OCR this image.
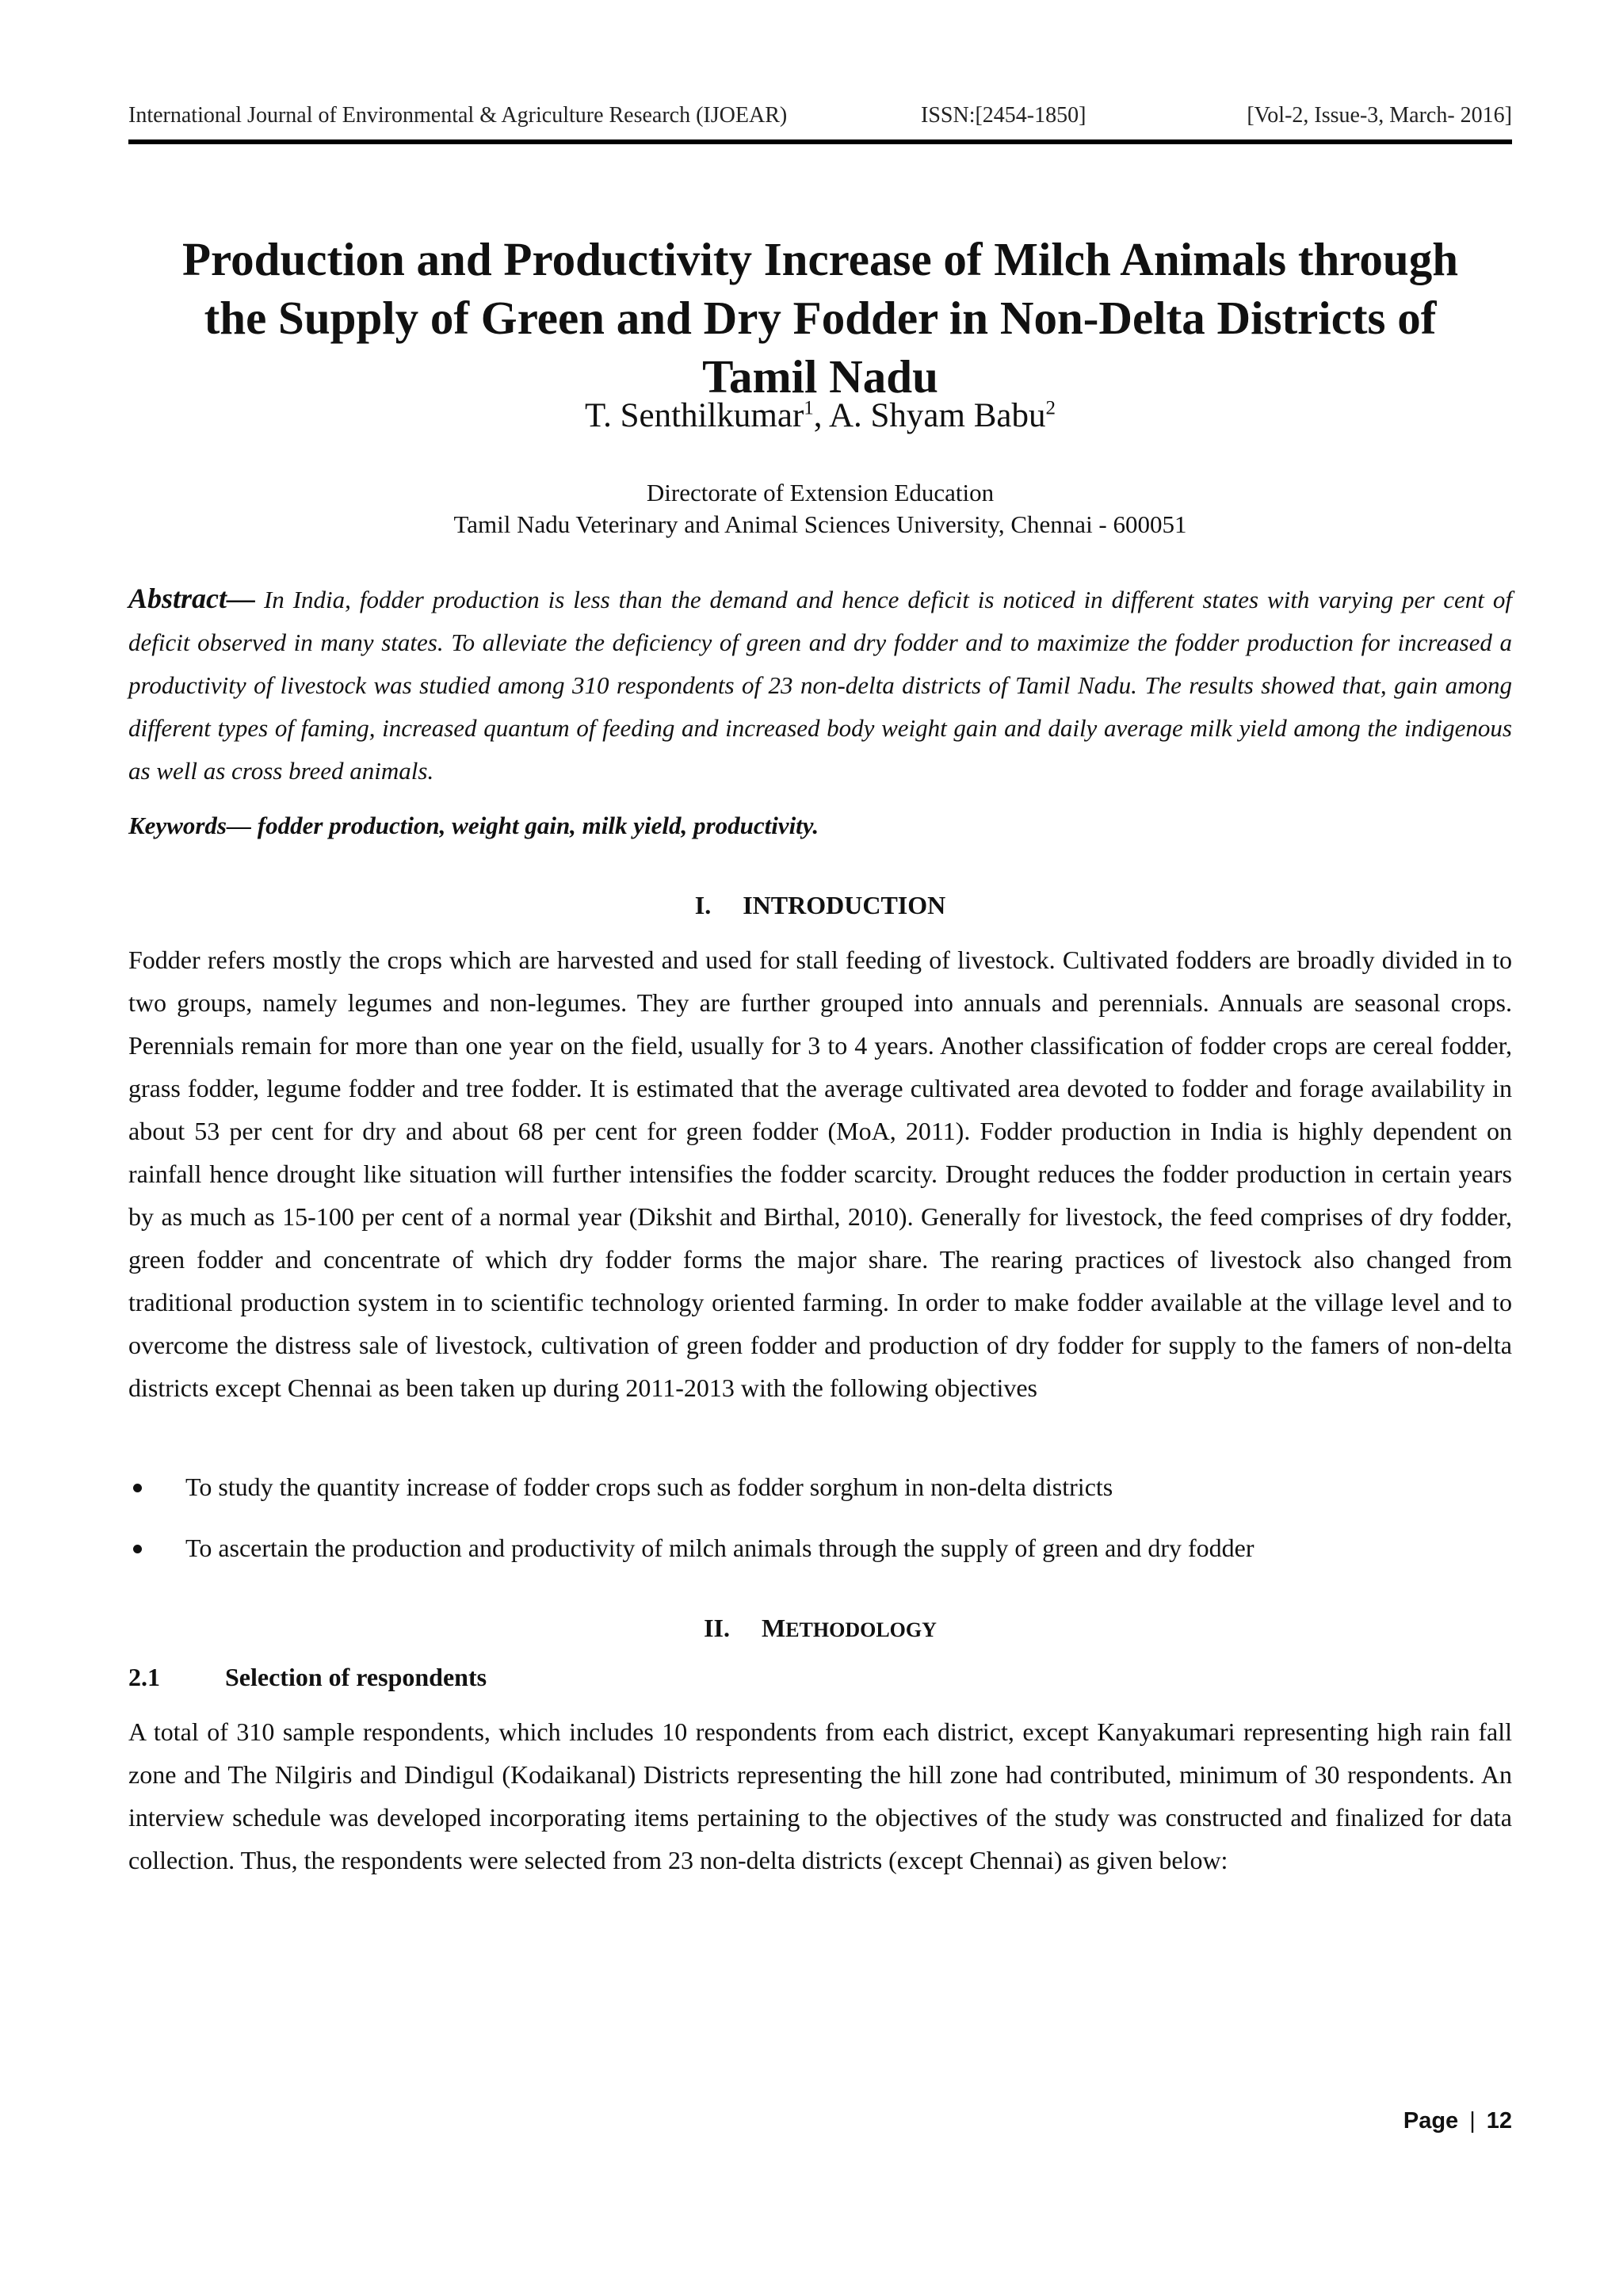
International Journal of Environmental & Agriculture Research (IJOEAR)	ISSN:[2454-1850]	[Vol-2, Issue-3, March- 2016]
Production and Productivity Increase of Milch Animals through
the Supply of Green and Dry Fodder in Non-Delta Districts of
Tamil Nadu
T. Senthilkumar$^1$, A. Shyam Babu$^2$
Directorate of Extension Education
Tamil Nadu Veterinary and Animal Sciences University, Chennai - 600051
Abstract— In India, fodder production is less than the demand and hence deficit is noticed in different states with varying per cent of deficit observed in many states. To alleviate the deficiency of green and dry fodder and to maximize the fodder production for increased a productivity of livestock was studied among 310 respondents of 23 non-delta districts of Tamil Nadu. The results showed that, gain among different types of faming, increased quantum of feeding and increased body weight gain and daily average milk yield among the indigenous as well as cross breed animals.
Keywords— fodder production, weight gain, milk yield, productivity.
I. INTRODUCTION
Fodder refers mostly the crops which are harvested and used for stall feeding of livestock. Cultivated fodders are broadly divided in to two groups, namely legumes and non-legumes. They are further grouped into annuals and perennials. Annuals are seasonal crops. Perennials remain for more than one year on the field, usually for 3 to 4 years. Another classification of fodder crops are cereal fodder, grass fodder, legume fodder and tree fodder. It is estimated that the average cultivated area devoted to fodder and forage availability in about 53 per cent for dry and about 68 per cent for green fodder (MoA, 2011). Fodder production in India is highly dependent on rainfall hence drought like situation will further intensifies the fodder scarcity. Drought reduces the fodder production in certain years by as much as 15-100 per cent of a normal year (Dikshit and Birthal, 2010). Generally for livestock, the feed comprises of dry fodder, green fodder and concentrate of which dry fodder forms the major share. The rearing practices of livestock also changed from traditional production system in to scientific technology oriented farming. In order to make fodder available at the village level and to overcome the distress sale of livestock, cultivation of green fodder and production of dry fodder for supply to the famers of non-delta districts except Chennai as been taken up during 2011-2013 with the following objectives
To study the quantity increase of fodder crops such as fodder sorghum in non-delta districts
To ascertain the production and productivity of milch animals through the supply of green and dry fodder
II. METHODOLOGY
2.1	Selection of respondents
A total of 310 sample respondents, which includes 10 respondents from each district, except Kanyakumari representing high rain fall zone and The Nilgiris and Dindigul (Kodaikanal) Districts representing the hill zone had contributed, minimum of 30 respondents. An interview schedule was developed incorporating items pertaining to the objectives of the study was constructed and finalized for data collection. Thus, the respondents were selected from 23 non-delta districts (except Chennai) as given below:
Page | 12
